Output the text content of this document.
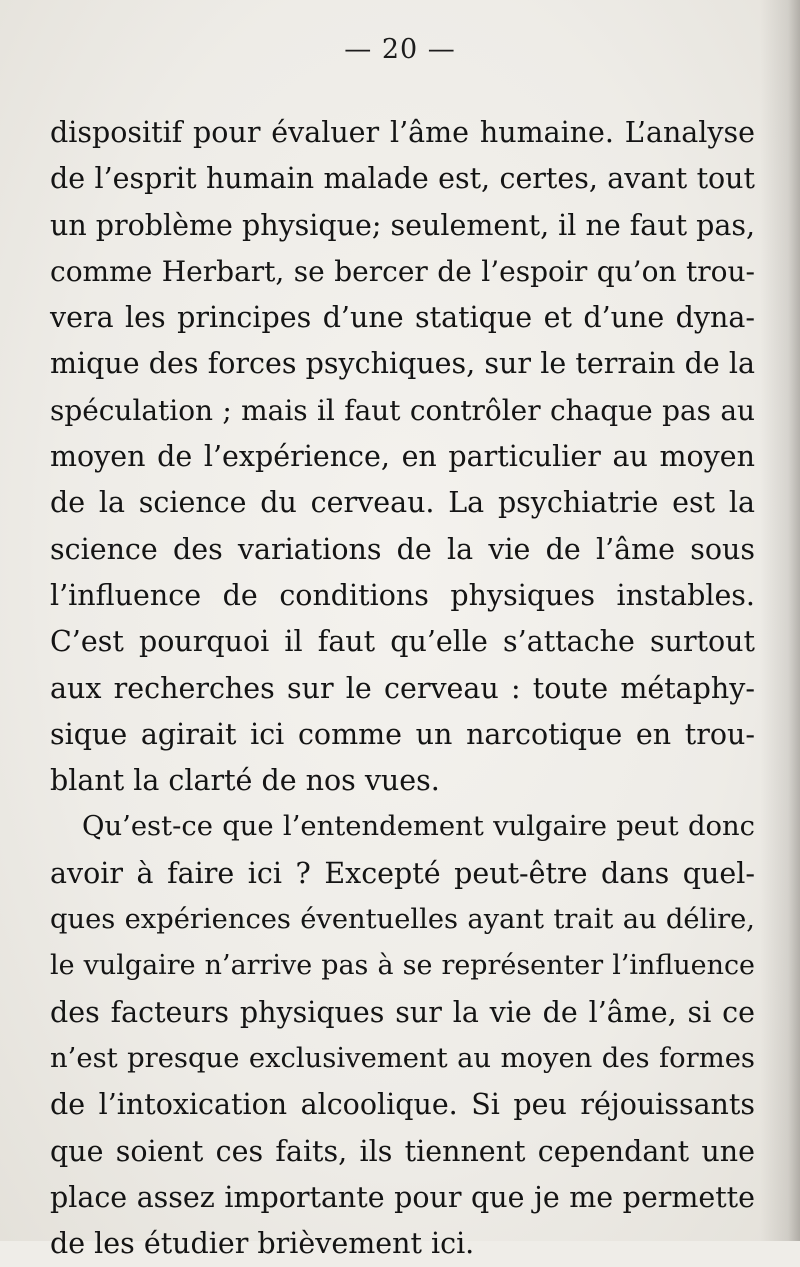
— 20 —
dispositif pour évaluer l’âme humaine. L’analyse
de l’esprit humain malade est, certes, avant tout
un problème physique; seulement, il ne faut pas,
comme Herbart, se bercer de l’espoir qu’on trou-
vera les principes d’une statique et d’une dyna-
mique des forces psychiques, sur le terrain de la
spéculation ; mais il faut contrôler chaque pas au
moyen de l’expérience, en particulier au moyen
de la science du cerveau. La psychiatrie est la
science des variations de la vie de l’âme sous
l’influence de conditions physiques instables.
C’est pourquoi il faut qu’elle s’attache surtout
aux recherches sur le cerveau : toute métaphy-
sique agirait ici comme un narcotique en trou-
blant la clarté de nos vues.
Qu’est-ce que l’entendement vulgaire peut donc
avoir à faire ici ? Excepté peut-être dans quel-
ques expériences éventuelles ayant trait au délire,
le vulgaire n’arrive pas à se représenter l’influence
des facteurs physiques sur la vie de l’âme, si ce
n’est presque exclusivement au moyen des formes
de l’intoxication alcoolique. Si peu réjouissants
que soient ces faits, ils tiennent cependant une
place assez importante pour que je me permette
de les étudier brièvement ici.
